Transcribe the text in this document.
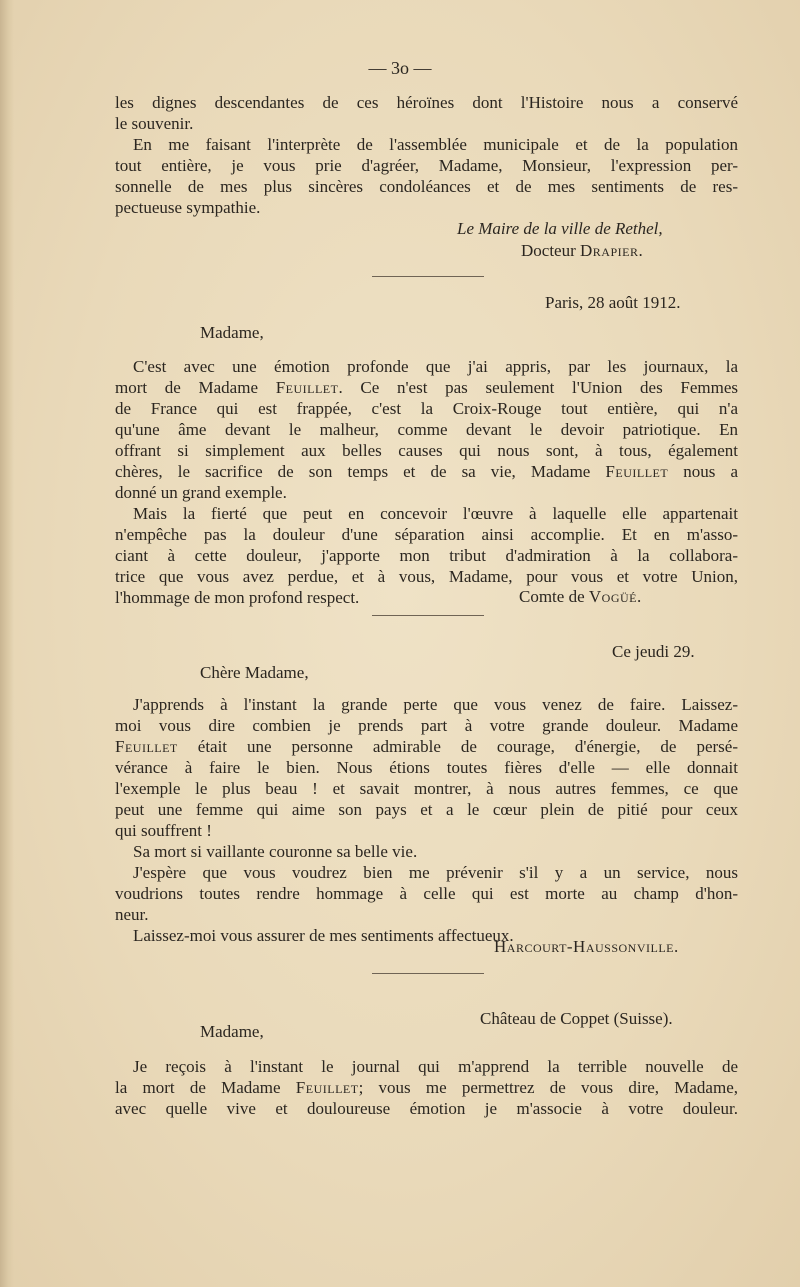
— 3o —
les dignes descendantes de ces héroïnes dont l'Histoire nous a conservé
le souvenir.
En me faisant l'interprète de l'assemblée municipale et de la population
tout entière, je vous prie d'agréer, Madame, Monsieur, l'expression per-
sonnelle de mes plus sincères condoléances et de mes sentiments de res-
pectueuse sympathie.
Le Maire de la ville de Rethel,
Docteur Drapier.
Paris, 28 août 1912.
Madame,
C'est avec une émotion profonde que j'ai appris, par les journaux, la
mort de Madame Feuillet. Ce n'est pas seulement l'Union des Femmes
de France qui est frappée, c'est la Croix-Rouge tout entière, qui n'a
qu'une âme devant le malheur, comme devant le devoir patriotique. En
offrant si simplement aux belles causes qui nous sont, à tous, également
chères, le sacrifice de son temps et de sa vie, Madame Feuillet nous a
donné un grand exemple.
Mais la fierté que peut en concevoir l'œuvre à laquelle elle appartenait
n'empêche pas la douleur d'une séparation ainsi accomplie. Et en m'asso-
ciant à cette douleur, j'apporte mon tribut d'admiration à la collabora-
trice que vous avez perdue, et à vous, Madame, pour vous et votre Union,
l'hommage de mon profond respect.	Comte de Vogüé.
Ce jeudi 29.
Chère Madame,
J'apprends à l'instant la grande perte que vous venez de faire. Laissez-
moi vous dire combien je prends part à votre grande douleur. Madame
Feuillet était une personne admirable de courage, d'énergie, de persé-
vérance à faire le bien. Nous étions toutes fières d'elle — elle donnait
l'exemple le plus beau ! et savait montrer, à nous autres femmes, ce que
peut une femme qui aime son pays et a le cœur plein de pitié pour ceux
qui souffrent !
Sa mort si vaillante couronne sa belle vie.
J'espère que vous voudrez bien me prévenir s'il y a un service, nous
voudrions toutes rendre hommage à celle qui est morte au champ d'hon-
neur.
Laissez-moi vous assurer de mes sentiments affectueux.
Harcourt-Haussonville.
Château de Coppet (Suisse).
Madame,
Je reçois à l'instant le journal qui m'apprend la terrible nouvelle de
la mort de Madame Feuillet; vous me permettrez de vous dire, Madame,
avec quelle vive et douloureuse émotion je m'associe à votre douleur.
